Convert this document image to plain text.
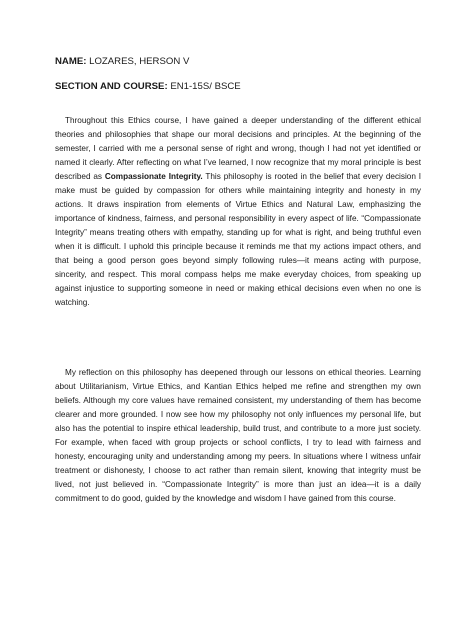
NAME: LOZARES, HERSON V
SECTION AND COURSE: EN1-15S/ BSCE

Throughout this Ethics course, I have gained a deeper understanding of the different ethical theories and philosophies that shape our moral decisions and principles. At the beginning of the semester, I carried with me a personal sense of right and wrong, though I had not yet identified or named it clearly. After reflecting on what I’ve learned, I now recognize that my moral principle is best described as Compassionate Integrity. This philosophy is rooted in the belief that every decision I make must be guided by compassion for others while maintaining integrity and honesty in my actions. It draws inspiration from elements of Virtue Ethics and Natural Law, emphasizing the importance of kindness, fairness, and personal responsibility in every aspect of life. “Compassionate Integrity” means treating others with empathy, standing up for what is right, and being truthful even when it is difficult. I uphold this principle because it reminds me that my actions impact others, and that being a good person goes beyond simply following rules—it means acting with purpose, sincerity, and respect. This moral compass helps me make everyday choices, from speaking up against injustice to supporting someone in need or making ethical decisions even when no one is watching.

My reflection on this philosophy has deepened through our lessons on ethical theories. Learning about Utilitarianism, Virtue Ethics, and Kantian Ethics helped me refine and strengthen my own beliefs. Although my core values have remained consistent, my understanding of them has become clearer and more grounded. I now see how my philosophy not only influences my personal life, but also has the potential to inspire ethical leadership, build trust, and contribute to a more just society. For example, when faced with group projects or school conflicts, I try to lead with fairness and honesty, encouraging unity and understanding among my peers. In situations where I witness unfair treatment or dishonesty, I choose to act rather than remain silent, knowing that integrity must be lived, not just believed in. “Compassionate Integrity” is more than just an idea—it is a daily commitment to do good, guided by the knowledge and wisdom I have gained from this course.
